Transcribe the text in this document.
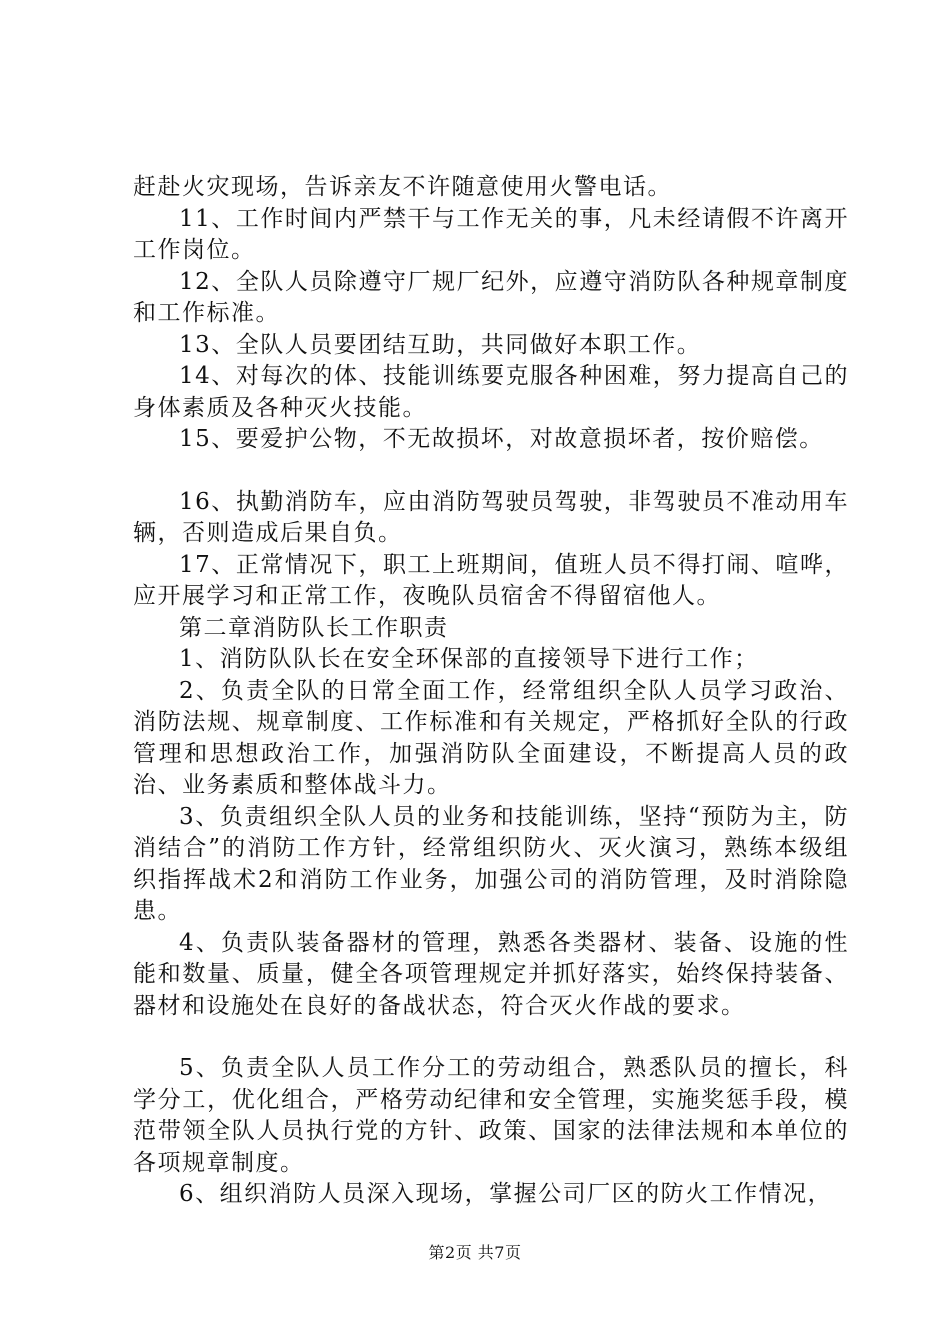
赶赴火灾现场，告诉亲友不许随意使用火警电话。

11、工作时间内严禁干与工作无关的事，凡未经请假不许离开工作岗位。

12、全队人员除遵守厂规厂纪外，应遵守消防队各种规章制度和工作标准。

13、全队人员要团结互助，共同做好本职工作。

14、对每次的体、技能训练要克服各种困难，努力提高自己的身体素质及各种灭火技能。

15、要爱护公物，不无故损坏，对故意损坏者，按价赔偿。

16、执勤消防车，应由消防驾驶员驾驶，非驾驶员不准动用车辆，否则造成后果自负。

17、正常情况下，职工上班期间，值班人员不得打闹、喧哗，应开展学习和正常工作，夜晚队员宿舍不得留宿他人。

第二章消防队长工作职责

1、消防队队长在安全环保部的直接领导下进行工作；

2、负责全队的日常全面工作，经常组织全队人员学习政治、消防法规、规章制度、工作标准和有关规定，严格抓好全队的行政管理和思想政治工作，加强消防队全面建设，不断提高人员的政治、业务素质和整体战斗力。

3、负责组织全队人员的业务和技能训练，坚持“预防为主，防消结合”的消防工作方针，经常组织防火、灭火演习，熟练本级组织指挥战术2和消防工作业务，加强公司的消防管理，及时消除隐患。

4、负责队装备器材的管理，熟悉各类器材、装备、设施的性能和数量、质量，健全各项管理规定并抓好落实，始终保持装备、器材和设施处在良好的备战状态，符合灭火作战的要求。

5、负责全队人员工作分工的劳动组合，熟悉队员的擅长，科学分工，优化组合，严格劳动纪律和安全管理，实施奖惩手段，模范带领全队人员执行党的方针、政策、国家的法律法规和本单位的各项规章制度。

6、组织消防人员深入现场，掌握公司厂区的防火工作情况，

第2页 共7页
